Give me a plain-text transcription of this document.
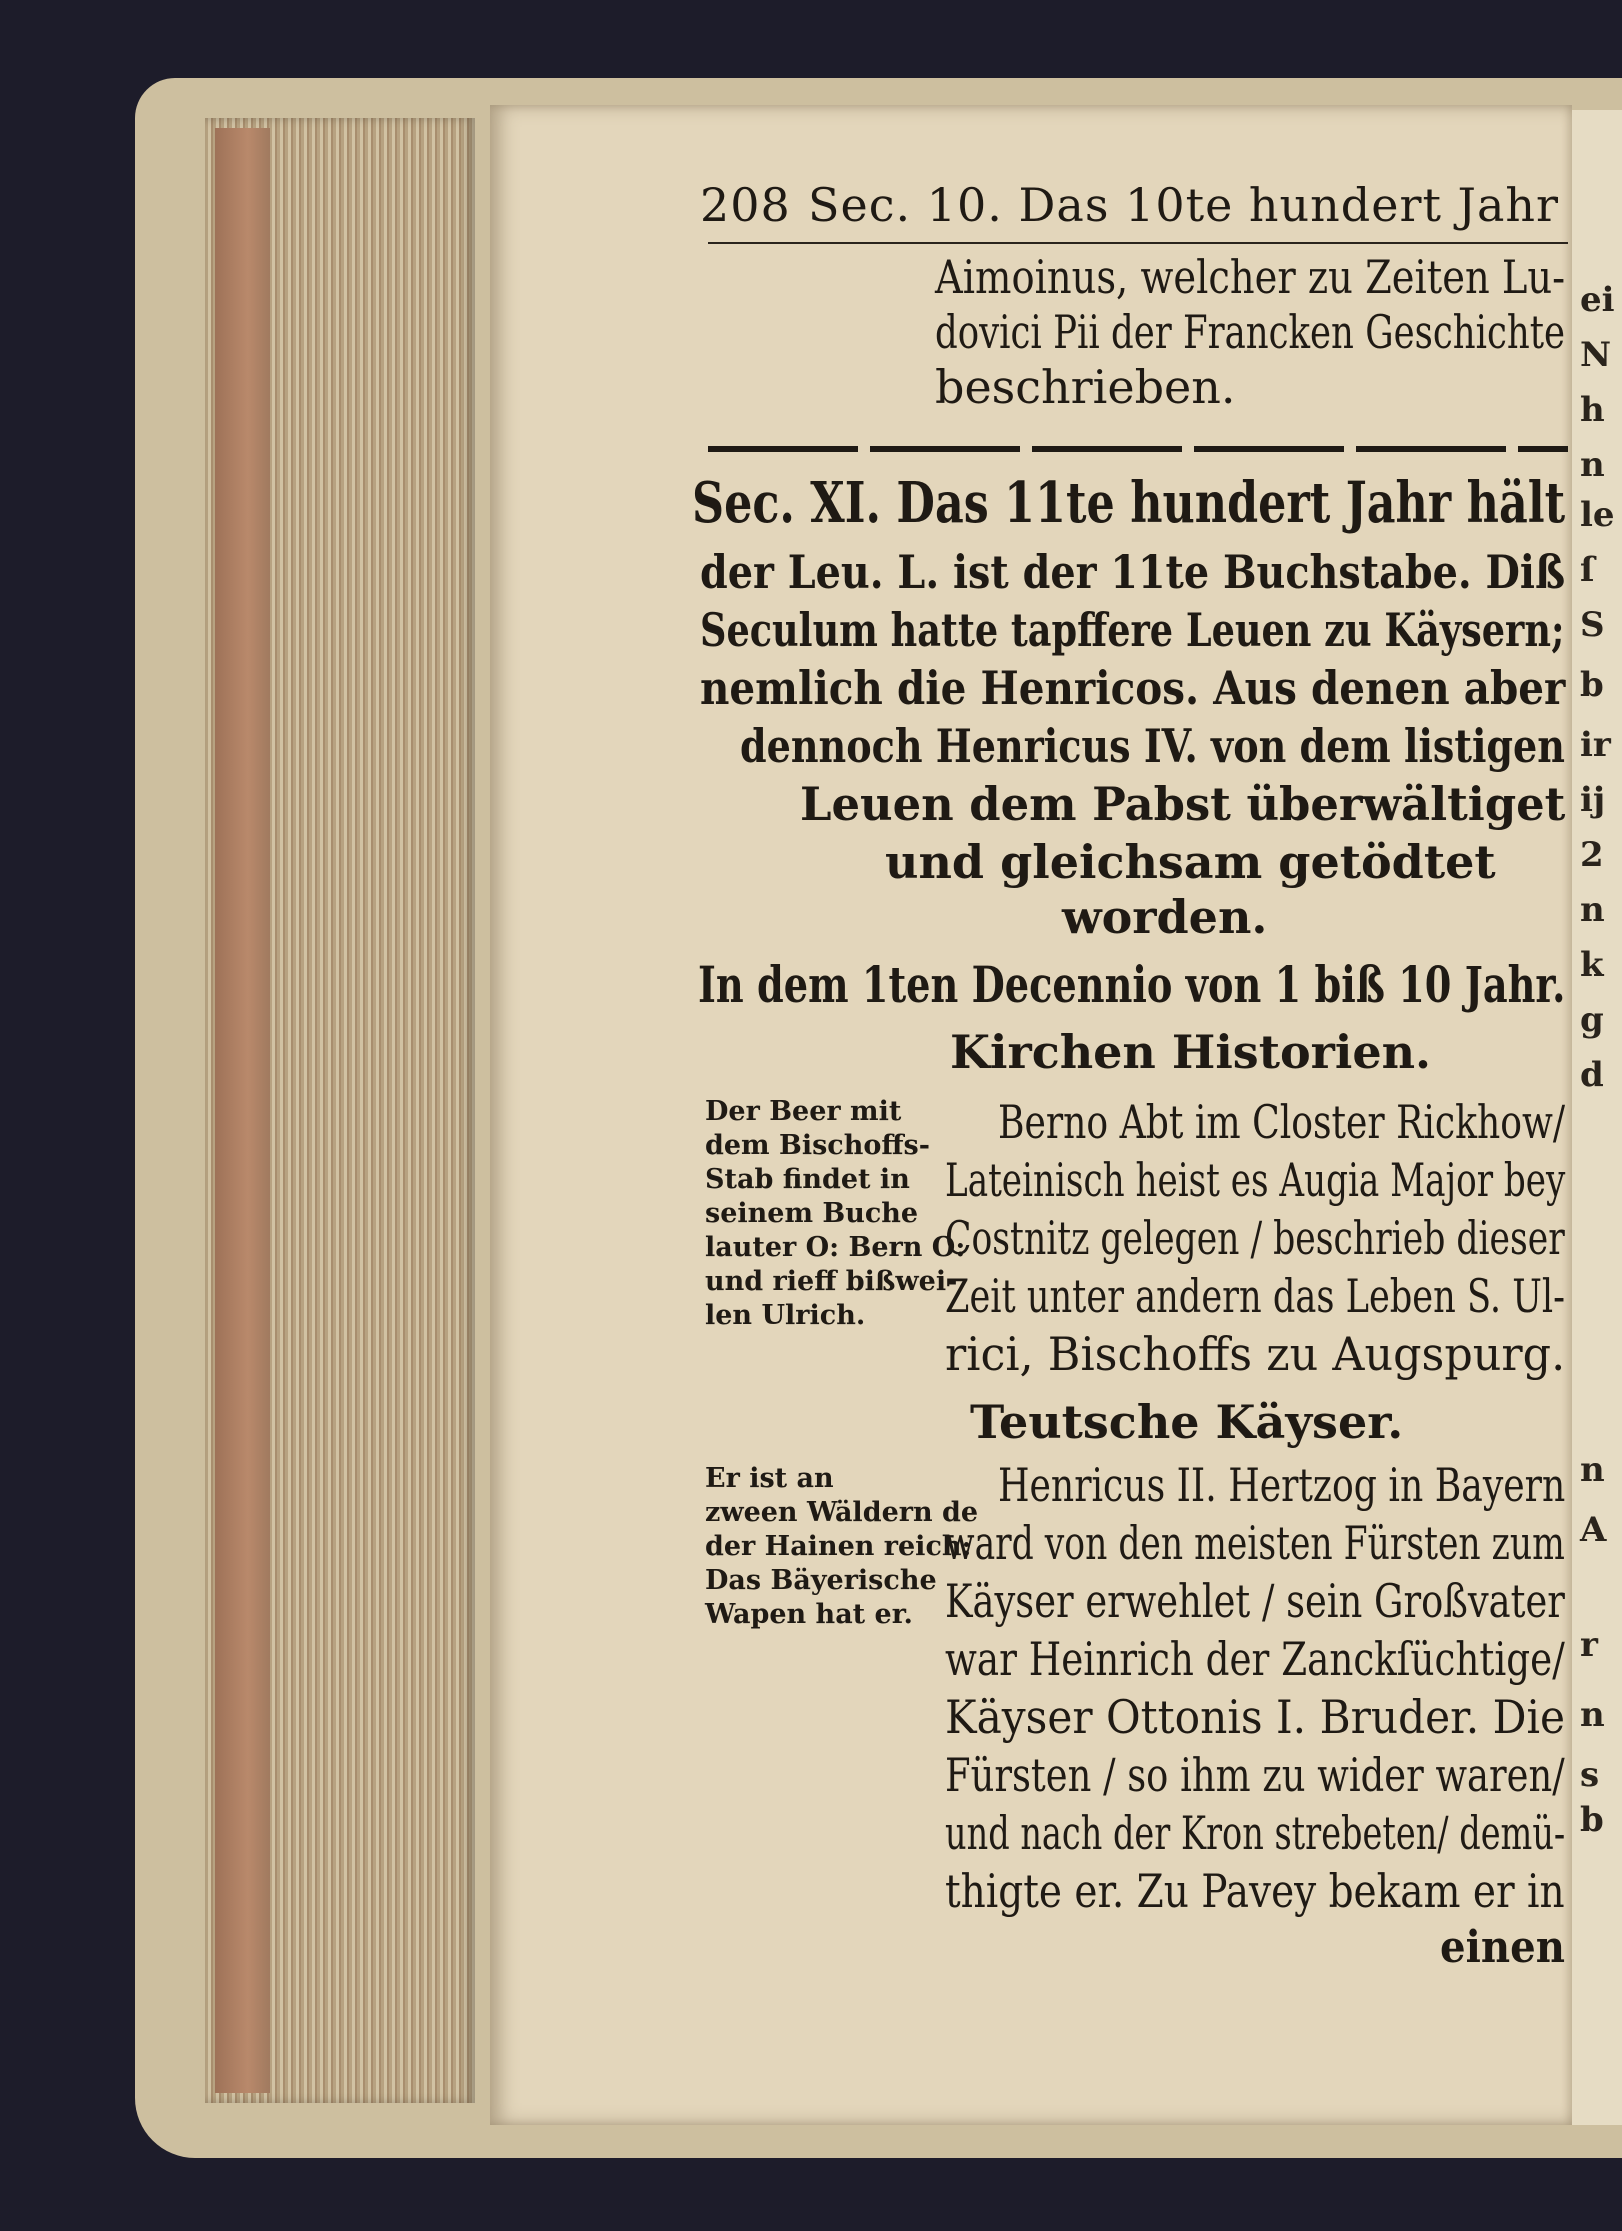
ei
N
h
n
le
ſ
S
b
ir
ij
2
n
k
g
d
n
A
r
n
s
b
208 Sec. 10. Das 10te hundert Jahr
Aimoinus, welcher zu Zeiten Lu-
dovici Pii der Francken Geschichte
beschrieben.
Sec. XI. Das 11te hundert Jahr hält
der Leu. L. ist der 11te Buchstabe. Diß
Seculum hatte tapffere Leuen zu Käysern;
nemlich die Henricos. Aus denen aber
dennoch Henricus IV. von dem listigen
Leuen dem Pabst überwältiget
und gleichsam getödtet
worden.
In dem 1ten Decennio von 1 biß 10 Jahr.
Kirchen Historien.
Der Beer mit
dem Bischoffs-
Stab findet in
seinem Buche
lauter O: Bern O:
und rieff bißwei-
len Ulrich.
Berno Abt im Closter Rickhow/
Lateinisch heist es Augia Major bey
Costnitz gelegen / beschrieb dieser
Zeit unter andern das Leben S. Ul-
rici, Bischoffs zu Augspurg.
Teutsche Käyser.
Er ist an
zween Wäldern de
der Hainen reich:
Das Bäyerische
Wapen hat er.
Henricus II. Hertzog in Bayern
ward von den meisten Fürsten zum
Käyser erwehlet / sein Großvater
war Heinrich der Zanckſüchtige/
Käyser Ottonis I. Bruder. Die
Fürsten / so ihm zu wider waren/
und nach der Kron strebeten/ demü-
thigte er. Zu Pavey bekam er in
einen
